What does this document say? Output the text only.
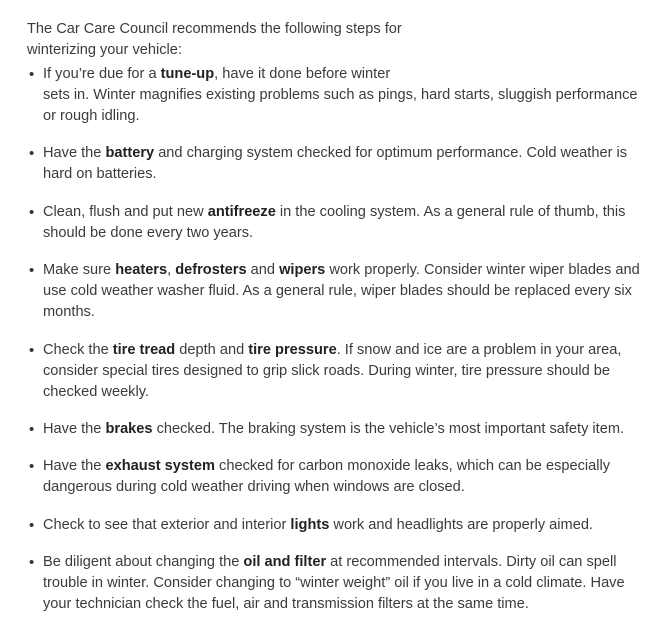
The Car Care Council recommends the following steps for
winterizing your vehicle:

• If you’re due for a tune-up, have it done before winter
sets in. Winter magnifies existing problems such as pings, hard starts, sluggish performance
or rough idling.
• Have the battery and charging system checked for optimum performance. Cold weather is
hard on batteries.
• Clean, flush and put new antifreeze in the cooling system. As a general rule of thumb, this
should be done every two years.
• Make sure heaters, defrosters and wipers work properly. Consider winter wiper blades and
use cold weather washer fluid. As a general rule, wiper blades should be replaced every six
months.
• Check the tire tread depth and tire pressure. If snow and ice are a problem in your area,
consider special tires designed to grip slick roads. During winter, tire pressure should be
checked weekly.
• Have the brakes checked. The braking system is the vehicle’s most important safety item.
• Have the exhaust system checked for carbon monoxide leaks, which can be especially
dangerous during cold weather driving when windows are closed.
• Check to see that exterior and interior lights work and headlights are properly aimed.
• Be diligent about changing the oil and filter at recommended intervals. Dirty oil can spell
trouble in winter. Consider changing to “winter weight” oil if you live in a cold climate. Have
your technician check the fuel, air and transmission filters at the same time.
